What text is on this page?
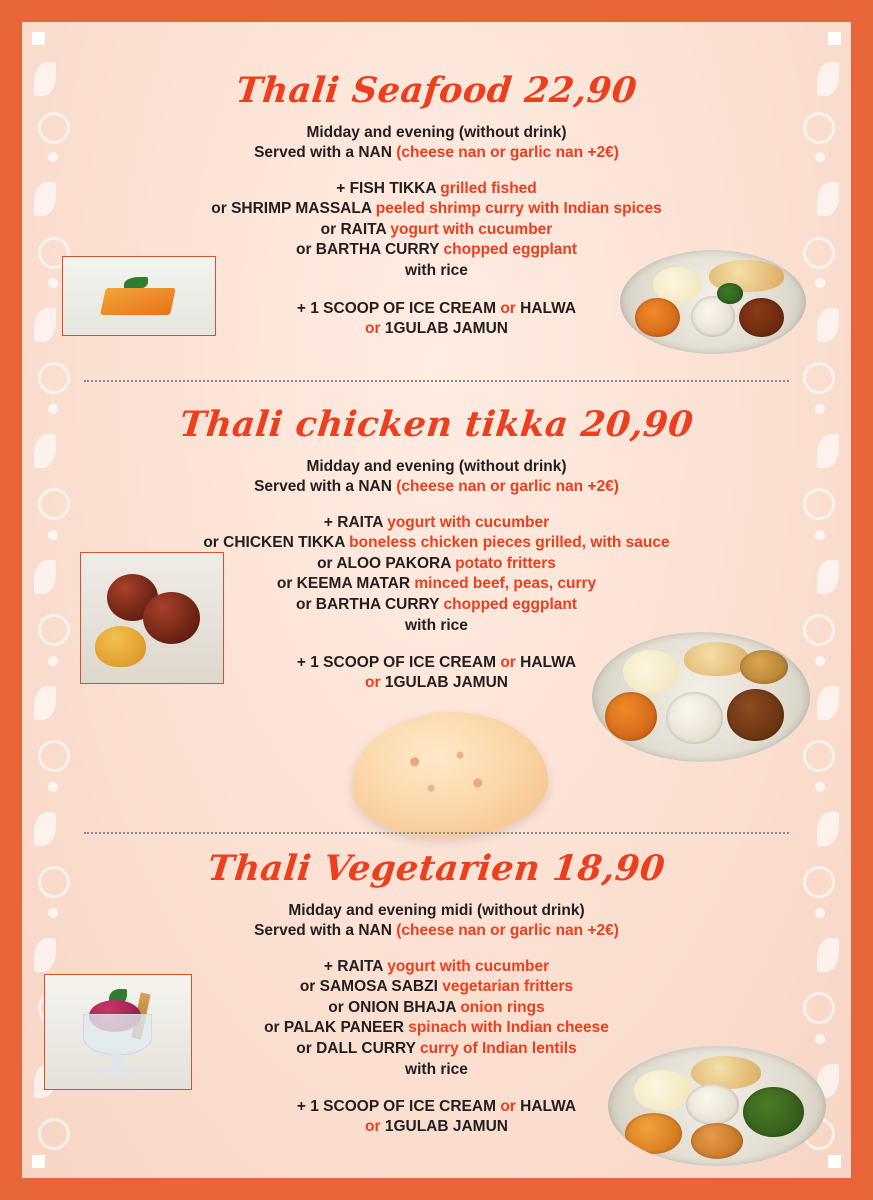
Thali Seafood 22,90
Midday and evening (without drink)
Served with a NAN (cheese nan or garlic nan +2€)
+ FISH TIKKA grilled fished
or SHRIMP MASSALA peeled shrimp curry with Indian spices
or RAITA yogurt with cucumber
or BARTHA CURRY chopped eggplant
with rice
+ 1 SCOOP OF ICE CREAM or HALWA
or 1GULAB JAMUN
Thali chicken tikka 20,90
Midday and evening (without drink)
Served with a NAN (cheese nan or garlic nan +2€)
+ RAITA yogurt with cucumber
or CHICKEN TIKKA boneless chicken pieces grilled, with sauce
or ALOO PAKORA potato fritters
or KEEMA MATAR minced beef, peas, curry
or BARTHA CURRY chopped eggplant
with rice
+ 1 SCOOP OF ICE CREAM or HALWA
or 1GULAB JAMUN
Thali Vegetarien 18,90
Midday and evening midi (without drink)
Served with a NAN (cheese nan or garlic nan +2€)
+ RAITA yogurt with cucumber
or SAMOSA SABZI vegetarian fritters
or ONION BHAJA onion rings
or PALAK PANEER spinach with Indian cheese
or DALL CURRY curry of Indian lentils
with rice
+ 1 SCOOP OF ICE CREAM or HALWA
or 1GULAB JAMUN
